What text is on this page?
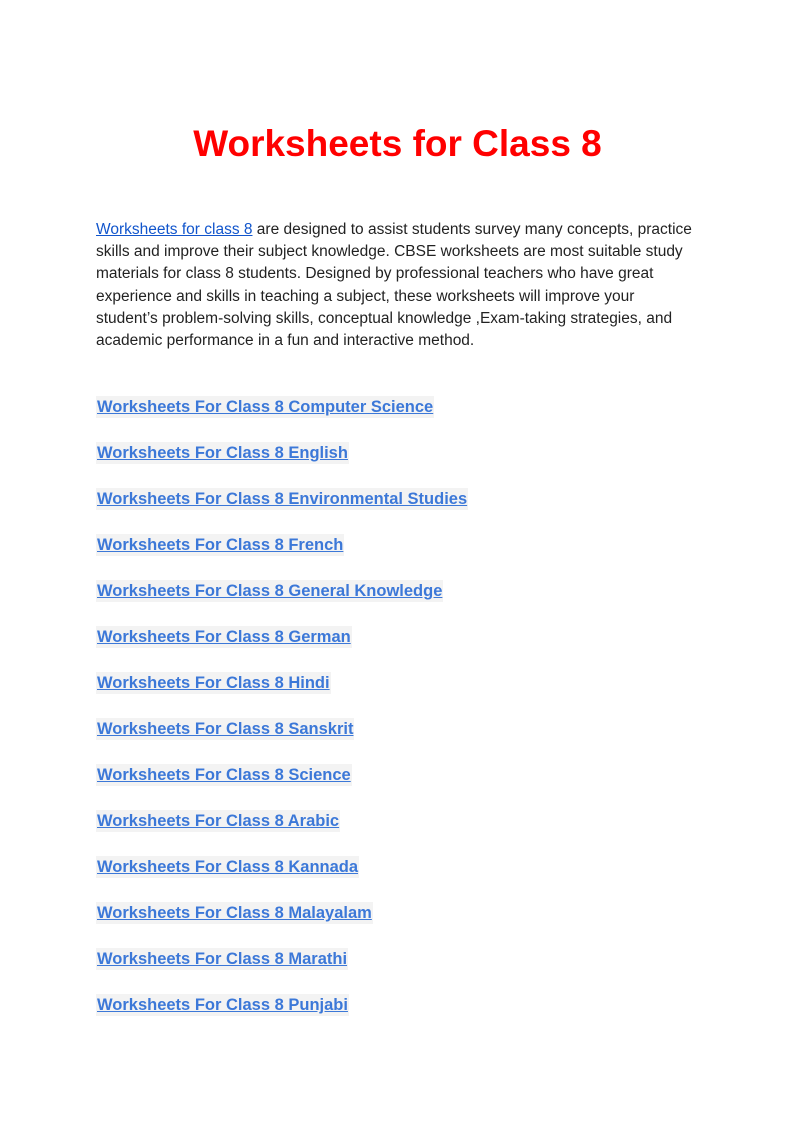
Worksheets for Class 8

Worksheets for class 8 are designed to assist students survey many concepts, practice skills and improve their subject knowledge. CBSE worksheets are most suitable study materials for class 8 students. Designed by professional teachers who have great experience and skills in teaching a subject, these worksheets will improve your student’s problem-solving skills, conceptual knowledge ,Exam-taking strategies, and academic performance in a fun and interactive method.

Worksheets For Class 8 Computer Science
Worksheets For Class 8 English
Worksheets For Class 8 Environmental Studies
Worksheets For Class 8 French
Worksheets For Class 8 General Knowledge
Worksheets For Class 8 German
Worksheets For Class 8 Hindi
Worksheets For Class 8 Sanskrit
Worksheets For Class 8 Science
Worksheets For Class 8 Arabic
Worksheets For Class 8 Kannada
Worksheets For Class 8 Malayalam
Worksheets For Class 8 Marathi
Worksheets For Class 8 Punjabi
